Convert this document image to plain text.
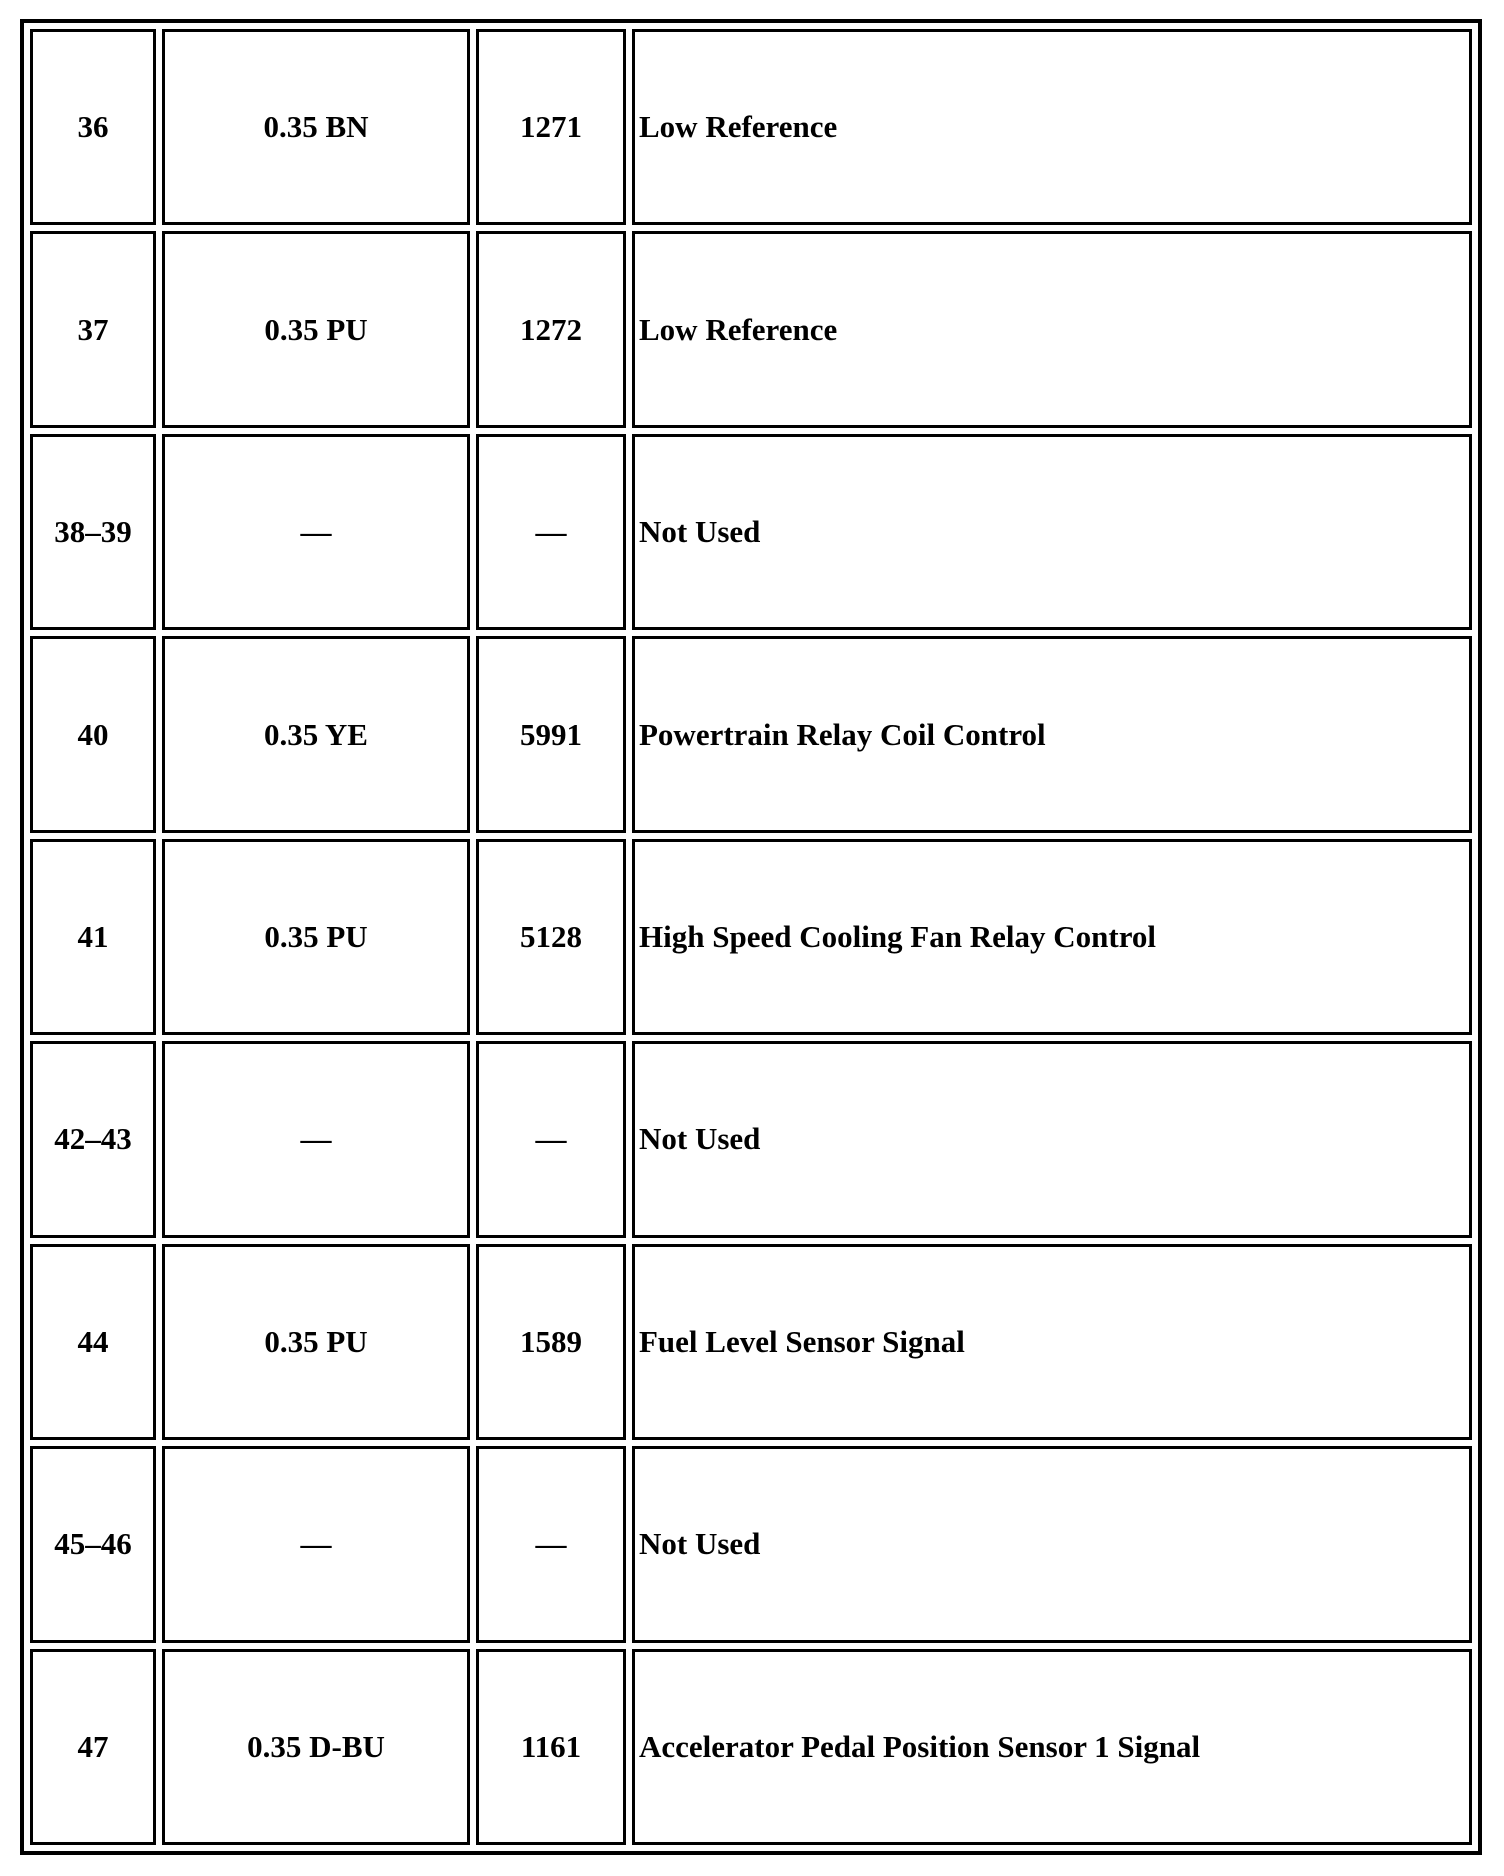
36	0.35 BN	1271	Low Reference
37	0.35 PU	1272	Low Reference
38–39	—	—	Not Used
40	0.35 YE	5991	Powertrain Relay Coil Control
41	0.35 PU	5128	High Speed Cooling Fan Relay Control
42–43	—	—	Not Used
44	0.35 PU	1589	Fuel Level Sensor Signal
45–46	—	—	Not Used
47	0.35 D-BU	1161	Accelerator Pedal Position Sensor 1 Signal
